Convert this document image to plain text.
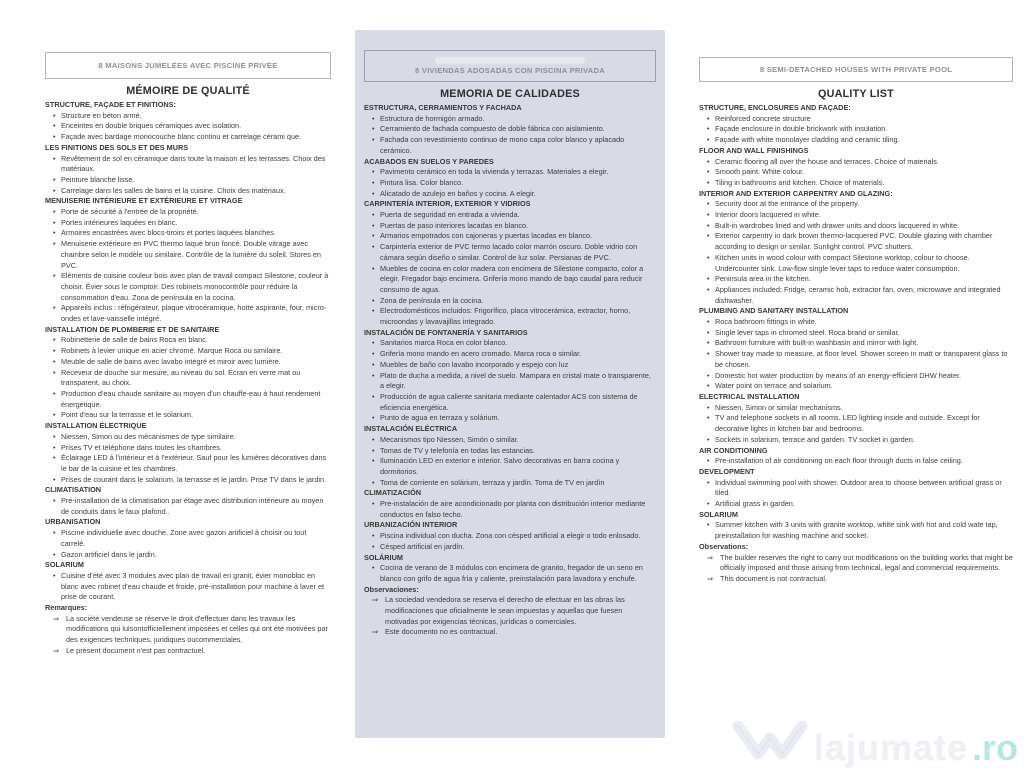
8 MAISONS JUMELÉES AVEC PISCINE PRIVÉE
MÉMOIRE DE QUALITÉ
STRUCTURE, FAÇADE ET FINITIONS:
• Structure en béton armé.
• Enceintes en double briques céramiques avec isolation.
• Façade avec bardage monocouche blanc continu et carrelage cérami que.
LES FINITIONS DES SOLS ET DES MURS
• Revêtement de sol en céramique dans toute la maison et les terrasses. Choix des matériaux.
• Peinture blanche lisse.
• Carrelage dans les salles de bains et la cuisine. Choix des matériaux.
MENUISERIE INTÉRIEURE ET EXTÉRIEURE ET VITRAGE
• Porte de sécurité à l'entrée de la propriété.
• Portes intérieures laquées en blanc.
• Armoires encastrées avec blocs-tiroirs et portes laquées blanches.
• Menuiserie extérieure en PVC thermo laqué brun foncé. Double vitrage avec chambre selon le modèle ou similaire. Contrôle de la lumière du soleil. Stores en PVC.
• Eléments de cuisine couleur bois avec plan de travail compact Silestone, couleur à choisir. Évier sous le comptoir. Des robinets monocontrôle pour réduire la consommation d'eau. Zona de península en la cocina.
• Appareils inclus : réfrigérateur, plaque vitrocéramique, hotte aspirante, four, micro-ondes et lave-vaisselle intégré.
INSTALLATION DE PLOMBERIE ET DE SANITAIRE
• Robinetterie de salle de bains Roca en blanc.
• Robinets à levier unique en acier chromé. Marque Roca ou similaire.
• Meuble de salle de bains avec lavabo intégré et miroir avec lumière.
• Receveur de douche sur mesure, au niveau du sol. Écran en verre mat ou transparent, au choix.
• Production d'eau chaude sanitaire au moyen d'un chauffe-eau à haut rendement énergétique.
• Point d'eau sur la terrasse et le solarium.
INSTALLATION ÉLECTRIQUE
• Niessen, Simon ou des mécanismes de type similaire.
• Prises TV et téléphone dans toutes les chambres.
• Éclairage LED à l'intérieur et à l'extérieur. Sauf pour les lumières décoratives dans le bar de la cuisine et les chambres.
• Prises de courant dans le solarium, la terrasse et le jardin. Prise TV dans le jardin.
CLIMATISATION
• Pré-installation de la climatisation par étage avec distribution intérieure au moyen de conduits dans le faux plafond..
URBANISATION
• Piscine individuelle avec douche. Zone avec gazon artificiel à choisir ou tout carrelé.
• Gazon artificiel dans le jardin.
SOLARIUM
• Cuisine d'été avec 3 modules avec plan de travail en granit, évier monobloc en blanc avec robinet d'eau chaude et froide, pré-installation pour machine à laver et prise de courant.
Remarques:
⇒ La société vendeuse se réserve le droit d'effectuer dans les travaux les modifications qui luisontofficiellement imposées et celles qui ont été motivées par des exigences techniques, juridiques oucommerciales.
⇒ Le présent document n'est pas contractuel.
8 VIVIENDAS ADOSADAS CON PISCINA PRIVADA
MEMORIA DE CALIDADES
ESTRUCTURA, CERRAMIENTOS Y FACHADA
• Estructura de hormigón armado.
• Cerramiento de fachada compuesto de doble fábrica con aislamiento.
• Fachada con revestimiento continuo de mono capa color blanco y aplacado cerámico.
ACABADOS EN SUELOS Y PAREDES
• Pavimento cerámico en toda la vivienda y terrazas. Materiales a elegir.
• Pintura lisa. Color blanco.
• Alicatado de azulejo en baños y cocina. A elegir.
CARPINTERÍA INTERIOR, EXTERIOR Y VIDRIOS
• Puerta de seguridad en entrada a vivienda.
• Puertas de paso interiores lacadas en blanco.
• Armarios empotrados con cajoneras y puertas lacadas en blanco.
• Carpintería exterior de PVC termo lacado color marrón oscuro. Doble vidrio con cámara según diseño o similar. Control de luz solar. Persianas de PVC.
• Muebles de cocina en color madera con encimera de Silestone compacto, color a elegir. Fregador bajo encimera. Grifería mono mando de bajo caudal para reducir consumo de agua.
• Zona de península en la cocina.
• Electrodomésticos incluidos: Frigorífico, placa vitrocerámica, extractor, horno, microondas y lavavajillas integrado.
INSTALACIÓN DE FONTANERÍA Y SANITARIOS
• Sanitarios marca Roca en color blanco.
• Grifería mono mando en acero cromado. Marca roca o similar.
• Muebles de baño con lavabo incorporado y espejo con luz
• Plato de ducha a medida, a nivel de suelo. Mampara en cristal mate o transparente, a elegir.
• Producción de agua caliente sanitaria mediante calentador ACS con sistema de eficiencia energética.
• Punto de agua en terraza y solárium.
INSTALACIÓN ELÉCTRICA
• Mecanismos tipo Niessen, Simón o similar.
• Tomas de TV y telefonía en todas las estancias.
• Iluminación LED en exterior e interior. Salvo decorativas en barra cocina y dormitorios.
• Toma de corriente en solárium, terraza y jardín. Toma de TV en jardín
CLIMATIZACIÓN
• Pre-instalación de aire acondicionado por planta con distribución interior mediante conductos en falso techo.
URBANIZACIÓN INTERIOR
• Piscina individual con ducha. Zona con césped artificial a elegir o todo enlosado.
• Césped artificial en jardín.
SOLÁRIUM
• Cocina de verano de 3 módulos con encimera de granito, fregador de un seno en blanco con grifo de agua fría y caliente, preinstalación para lavadora y enchufe.
Observaciones:
⇒ La sociedad vendedora se reserva el derecho de efectuar en las obras las modificaciones que oficialmente le sean impuestas y aquellas que fuesen motivadas por exigencias técnicas, jurídicas o comerciales.
⇒ Este documento no es contractual.
8 SEMI-DETACHED HOUSES WITH PRIVATE POOL
QUALITY LIST
STRUCTURE, ENCLOSURES AND FAÇADE:
• Reinforced concrete structure
• Façade enclosure in double brickwork with insulation.
• Façade with white monolayer cladding and ceramic tiling.
FLOOR AND WALL FINISHINGS
• Ceramic flooring all over the house and terraces. Choice of materials.
• Smooth paint. White colour.
• Tiling in bathrooms and kitchen. Choice of materials.
INTERIOR AND EXTERIOR CARPENTRY AND GLAZING:
• Security door at the entrance of the property.
• Interior doors lacquered in white.
• Built-in wardrobes lined and with drawer units and doors lacquered in white.
• Exterior carpentry in dark brown thermo-lacquered PVC. Double glazing with chamber according to design or similar. Sunlight control. PVC shutters.
• Kitchen units in wood colour with compact Silestone worktop, colour to choose. Undercounter sink. Low-flow single lever taps to reduce water consumption.
• Peninsula area in the kitchen.
• Appliances included: Fridge, ceramic hob, extractor fan, oven, microwave and integrated dishwasher.
PLUMBING AND SANITARY INSTALLATION
• Roca bathroom fittings in white.
• Single lever taps in chromed steel. Roca brand or similar.
• Bathroom furniture with built-in washbasin and mirror with light.
• Shower tray made to measure, at floor level. Shower screen in matt or transparent glass to be chosen.
• Domestic hot water production by means of an energy-efficient DHW heater.
• Water point on terrace and solarium.
ELECTRICAL INSTALLATION
• Niessen, Simon or similar mechanisms.
• TV and telephone sockets in all rooms. LED lighting inside and outside. Except for decorative lights in kitchen bar and bedrooms.
• Sockets in solarium, terrace and garden. TV socket in garden.
AIR CONDITIONING
• Pre-installation of air conditioning on each floor through ducts in false ceiling.
DEVELOPMENT
• Individual swimming pool with shower. Outdoor area to choose between artificial grass or tiled.
• Artificial grass in garden.
SOLARIUM
• Summer kitchen with 3 units with granite worktop, white sink with hot and cold wate tap, preinstallation for washing machine and socket.
Observations:
⇒ The builder reserves the right to carry out modifications on the building works that might be officially imposed and those arising from technical, legal and commercial requirements.
⇒ This document is not contractual.
lajumate .ro
